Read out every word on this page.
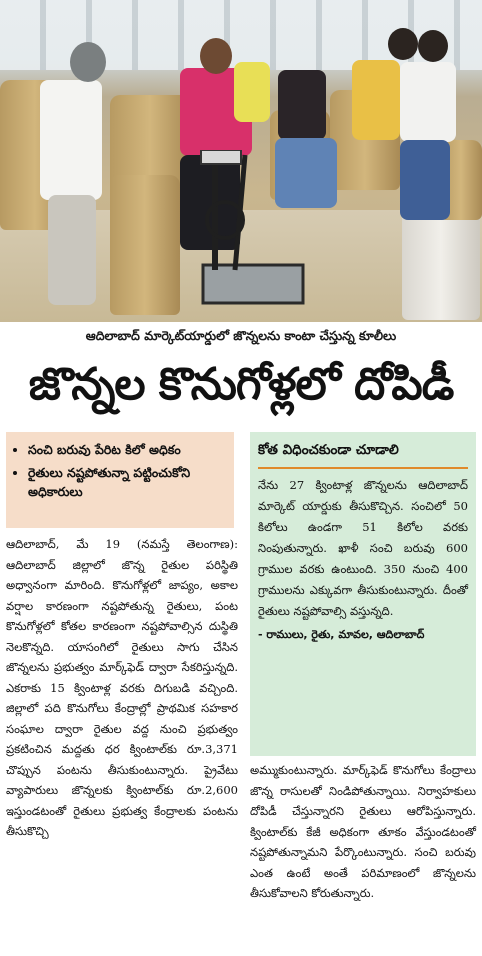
ఆదిలాబాద్ మార్కెట్‌యార్డులో జొన్నలను కాంటా చేస్తున్న కూలీలు
జొన్నల కొనుగోళ్లలో దోపిడీ
• సంచి బరువు పేరిట కిలో అధికం
• రైతులు నష్టపోతున్నా పట్టించుకోని అధికారులు
కోత విధించకుండా చూడాలి

నేను 27 క్వింటాళ్ల జొన్నలను ఆదిలాబాద్ మార్కెట్ యార్డుకు తీసుకొచ్చిన. సంచిలో 50 కిలోలు ఉండగా 51 కిలోల వరకు నింపుతున్నారు. ఖాళీ సంచి బరువు 600 గ్రాముల వరకు ఉంటుంది. 350 నుంచి 400 గ్రాములను ఎక్కువగా తీసుకుంటున్నారు. దీంతో రైతులు నష్టపోవాల్సి వస్తున్నది.

- రాములు, రైతు, మావల, ఆదిలాబాద్
ఆదిలాబాద్, మే 19 (నమస్తే తెలంగాణ): ఆదిలాబాద్ జిల్లాలో జొన్న రైతుల పరిస్థితి అధ్వానంగా మారింది. కొనుగోళ్లలో జాప్యం, అకాల వర్షాల కారణంగా నష్టపోతున్న రైతులు, పంట కొనుగోళ్లలో కోతల కారణంగా నష్టపోవాల్సిన దుస్థితి నెలకొన్నది. యాసంగిలో రైతులు సాగు చేసిన జొన్నలను ప్రభుత్వం మార్క్‌ఫెడ్ ద్వారా సేకరిస్తున్నది. ఎకరాకు 15 క్వింటాళ్ల వరకు దిగుబడి వచ్చింది. జిల్లాలో పది కొనుగోలు కేంద్రాల్లో ప్రాథమిక సహకార సంఘాల ద్వారా రైతుల వద్ద నుంచి ప్రభుత్వం ప్రకటించిన మద్దతు ధర క్వింటాల్‌కు రూ.3,371 చొప్పున పంటను తీసుకుంటున్నారు. ప్రైవేటు వ్యాపారులు జొన్నలకు క్వింటాల్‌కు రూ.2,600 ఇస్తుండటంతో రైతులు ప్రభుత్వ కేంద్రాలకు పంటను తీసుకొచ్చి
అమ్ముకుంటున్నారు. మార్క్‌ఫెడ్ కొనుగోలు కేంద్రాలు జొన్న రాసులతో నిండిపోతున్నాయి. నిర్వాహకులు దోపిడీ చేస్తున్నారని రైతులు ఆరోపిస్తున్నారు. క్వింటాల్‌కు కేజీ అధికంగా తూకం వేస్తుండటంతో నష్టపోతున్నామని పేర్కొంటున్నారు. సంచి బరువు ఎంత ఉంటే అంతే పరిమాణంలో జొన్నలను తీసుకోవాలని కోరుతున్నారు.
